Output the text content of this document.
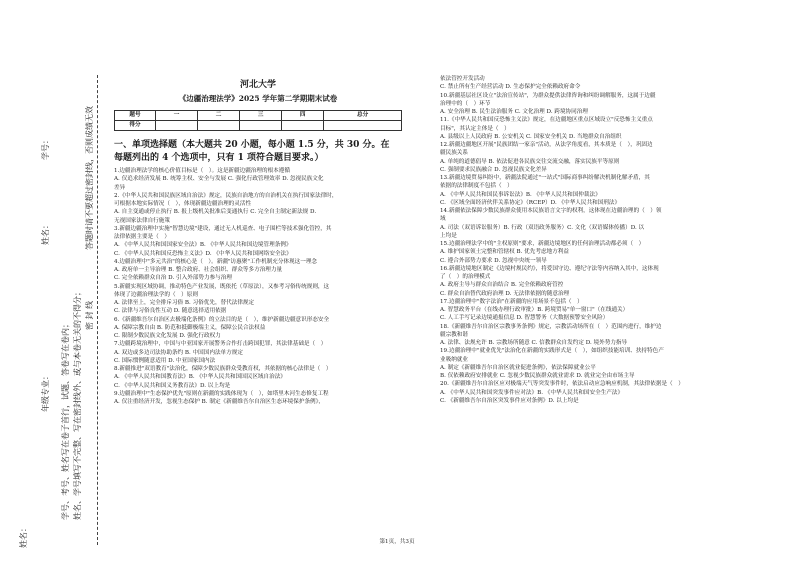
姓名：
年级专业：
姓名：
学号：
学号、考号、姓名写在卷子首行，试题、答卷写在卷内； 姓名、学号填写不完整、写在密封线外、或与本卷无关的不得分； 密 封 线
答题时请不要超过密封线，否则成绩无效
河北大学
《边疆治理法学》2025 学年第二学期期末试卷
题号	一	二	三	四	总分
得分					
一、单项选择题（本大题共 20 小题，每小题 1.5 分，共 30 分。在
每题列出的 4 个选项中，只有 1 项符合题目要求。）
1.边疆治理法学的核心价值目标是（　）。这是新疆边疆治理的根本遵循
A. 仅追求经济发展 B. 统筹主权、安全与发展 C. 强化行政管理效率 D. 忽视民族文化
差异
2.《中华人民共和国民族区域自治法》规定，民族自治地方的自治机关在执行国家法律时，
可根据本地实际情况（　），体现新疆边疆治理的灵活性
A. 自主变通或停止执行 B. 报上级机关批准后变通执行 C. 完全自主制定新法规 D.
无视国家法律自行施策
3.新疆边疆治理中实施"智慧边境"建设，通过无人机巡查、电子围栏等技术强化管控，其
法律依据主要是（　）
A. 《中华人民共和国国家安全法》B. 《中华人民共和国边境管理条例》
C. 《中华人民共和国反恐怖主义法》D. 《中华人民共和国网络安全法》
4.边疆治理中"多元共治"的核心是（　）。新疆"访惠聚"工作机制充分体现这一理念
A. 政府单一主导治理 B. 整合政府、社会组织、群众等多方治理力量
C. 完全依赖群众自治 D. 引入外部势力参与治理
5.新疆实现区域协调，推动特色产业发展，既依托（草原法），又参考习俗传统规则，这
体现了边疆治理法学的（　）原则
A. 法律至上，完全排斥习俗 B. 习俗优先，替代法律规定
C. 法律与习俗良性互动 D. 随意选择适用依据
6.《新疆维吾尔自治区去极端化条例》的立法目的是（　），维护新疆边疆意识形态安全
A. 保障宗教自由 B. 防范和抵御极端主义，保障公民合法权益
C. 限制少数民族文化发展 D. 强化行政权力
7.边疆跨境治理中，中国与中亚国家开展警务合作打击跨国犯罪，其法律基础是（　）
A. 双边或多边司法协助条约 B. 中国国内法单方规定
C. 国际惯例随意适用 D. 中亚国家国内法
8.新疆推进"双语教育"法治化，保障少数民族群众受教育权，其依据的核心法律是（　）
A. 《中华人民共和国教育法》B. 《中华人民共和国国民区域自治法》
C. 《中华人民共和国义务教育法》D. 以上均是
9.边疆治理中"生态保护优先"原则在新疆的实践体现为（　），如塔里木河生态修复工程
A. 仅注重经济开发，忽视生态保护 B. 制定《新疆维吾尔自治区生态环境保护条例》，
依法管控开发活动
C. 禁止所有生产经营活动 D. 生态保护完全依赖政府命令
10.新疆基层社区设立"法治宣传站"，为群众提供法律咨询和纠纷调解服务，这属于边疆
治理中的（　）环节
A. 安全治理 B. 民生法治服务 C. 文化治理 D. 跨境协同治理
11.《中华人民共和国反恐怖主义法》规定，在边疆地区重点区域设立"反恐怖主义重点
目标"，其认定主体是（　）
A. 县级以上人民政府 B. 公安机关 C. 国家安全机关 D. 当地群众自治组织
12.新疆边疆地区开展"民族团结一家亲"活动，从法学角度看，其本质是（　），巩固边
疆民族关系
A. 单纯的道德倡导 B. 依法促进各民族交往交流交融，落实民族平等原则
C. 强制要求民族融合 D. 忽视民族文化差异
13.新疆边境贸易纠纷中，新疆法院通过"一站式"国际商事纠纷解决机制化解矛盾，其
依据的法律制度不包括（　）
A. 《中华人民共和国民事诉讼法》B. 《中华人民共和国仲裁法》
C. 《区域全面经济伙伴关系协定》（RCEP）D. 《中华人民共和国刑法》
14.新疆依法保障少数民族群众使用本民族语言文字的权利，这体现在边疆治理的（　）领
域
A. 司法（双语诉讼服务）B. 行政（双语政务服务）C. 文化（双语媒体传播）D. 以
上均是
15.边疆治理法学中的"主权原则"要求，新疆边境地区的任何治理活动都必须（　）
A. 维护国家领土完整和管辖权 B. 优先考虑地方利益
C. 遵合外部势力要求 D. 忽视中央统一领导
16.新疆边境地区制定《边境村规民约》，将爱国守边、遵纪守法等内容纳入其中，这体现
了（　）的治理模式
A. 政府主导与群众自治结合 B. 完全依赖政府管控
C. 群众自治替代政府治理 D. 无法律依据的随意治理
17.边疆治理中"数字法治"在新疆的应用场景不包括（　）
A. 智慧政务平台（在线办理行政审批）B. 跨境贸易"单一窗口"（在线通关）
C. 人工手写记录边境通报信息 D. 智慧警务（大数据预警安全风险）
18.《新疆维吾尔自治区宗教事务条例》规定，宗教活动场所在（　）范围内进行，维护边
疆宗教和谐
A. 法律、法规允许 B. 宗教场所随意 C. 信教群众自发约定 D. 境外势力指导
19.边疆治理中"就业优先"法治化在新疆的实践形式是（　），如组织技能培训、扶持特色产
业吸纳就业
A. 制定《新疆维吾尔自治区就业促进条例》，依法保障就业公平
B. 仅依赖政府安排就业 C. 忽视少数民族群众就业需求 D. 就业完全由市场主导
20.《新疆维吾尔自治区应对极端天气等突发事件时，依法启动应急响应机制，其法律依据是（　）
A. 《中华人民共和国突发事件应对法》B. 《中华人民共和国安全生产法》
C. 《新疆维吾尔自治区突发事件应对条例》D. 以上均是
第1页，共3页
